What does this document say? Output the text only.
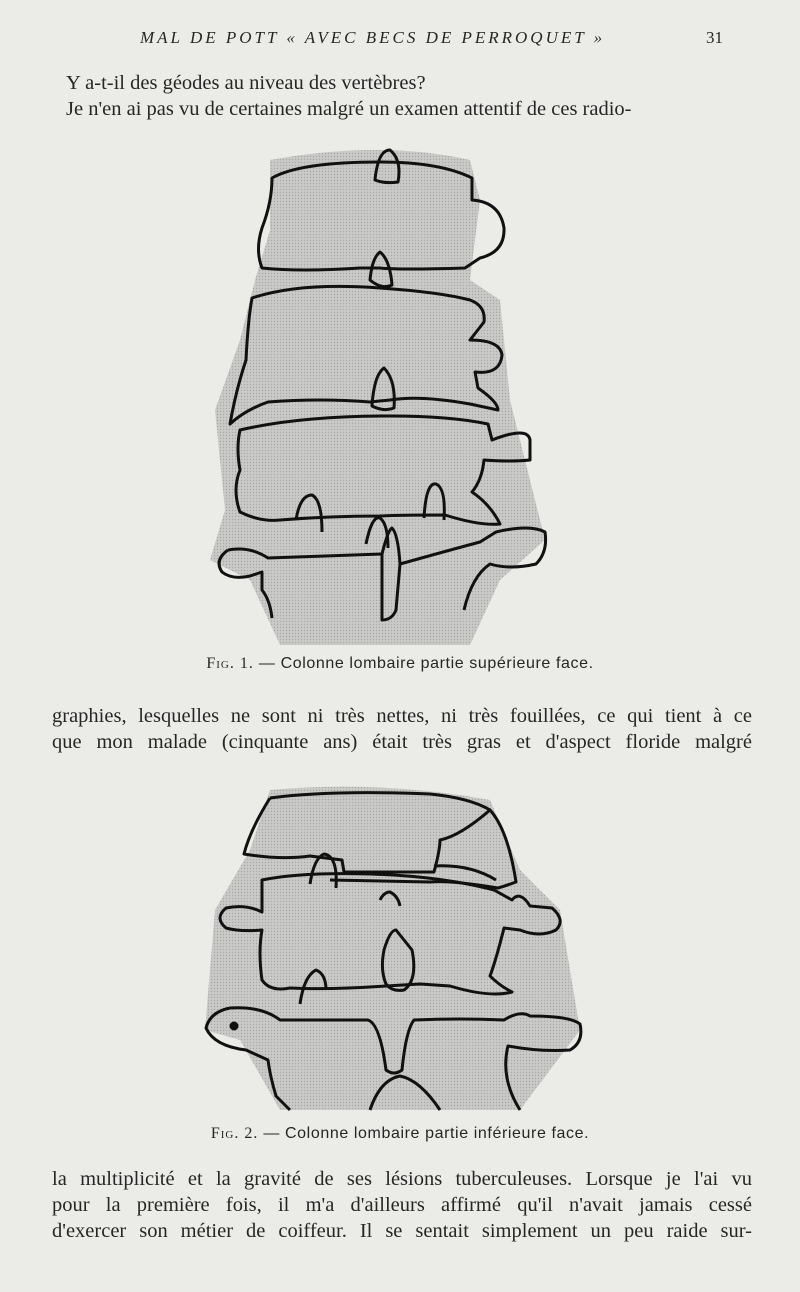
MAL DE POTT « AVEC BECS DE PERROQUET »	31

Y a-t-il des géodes au niveau des vertèbres?
Je n'en ai pas vu de certaines malgré un examen attentif de ces radio-

Fig. 1. — Colonne lombaire partie supérieure face.

graphies, lesquelles ne sont ni très nettes, ni très fouillées, ce qui tient à ce
que mon malade (cinquante ans) était très gras et d'aspect floride malgré

Fig. 2. — Colonne lombaire partie inférieure face.

la multiplicité et la gravité de ses lésions tuberculeuses. Lorsque je l'ai vu
pour la première fois, il m'a d'ailleurs affirmé qu'il n'avait jamais cessé
d'exercer son métier de coiffeur. Il se sentait simplement un peu raide sur-
